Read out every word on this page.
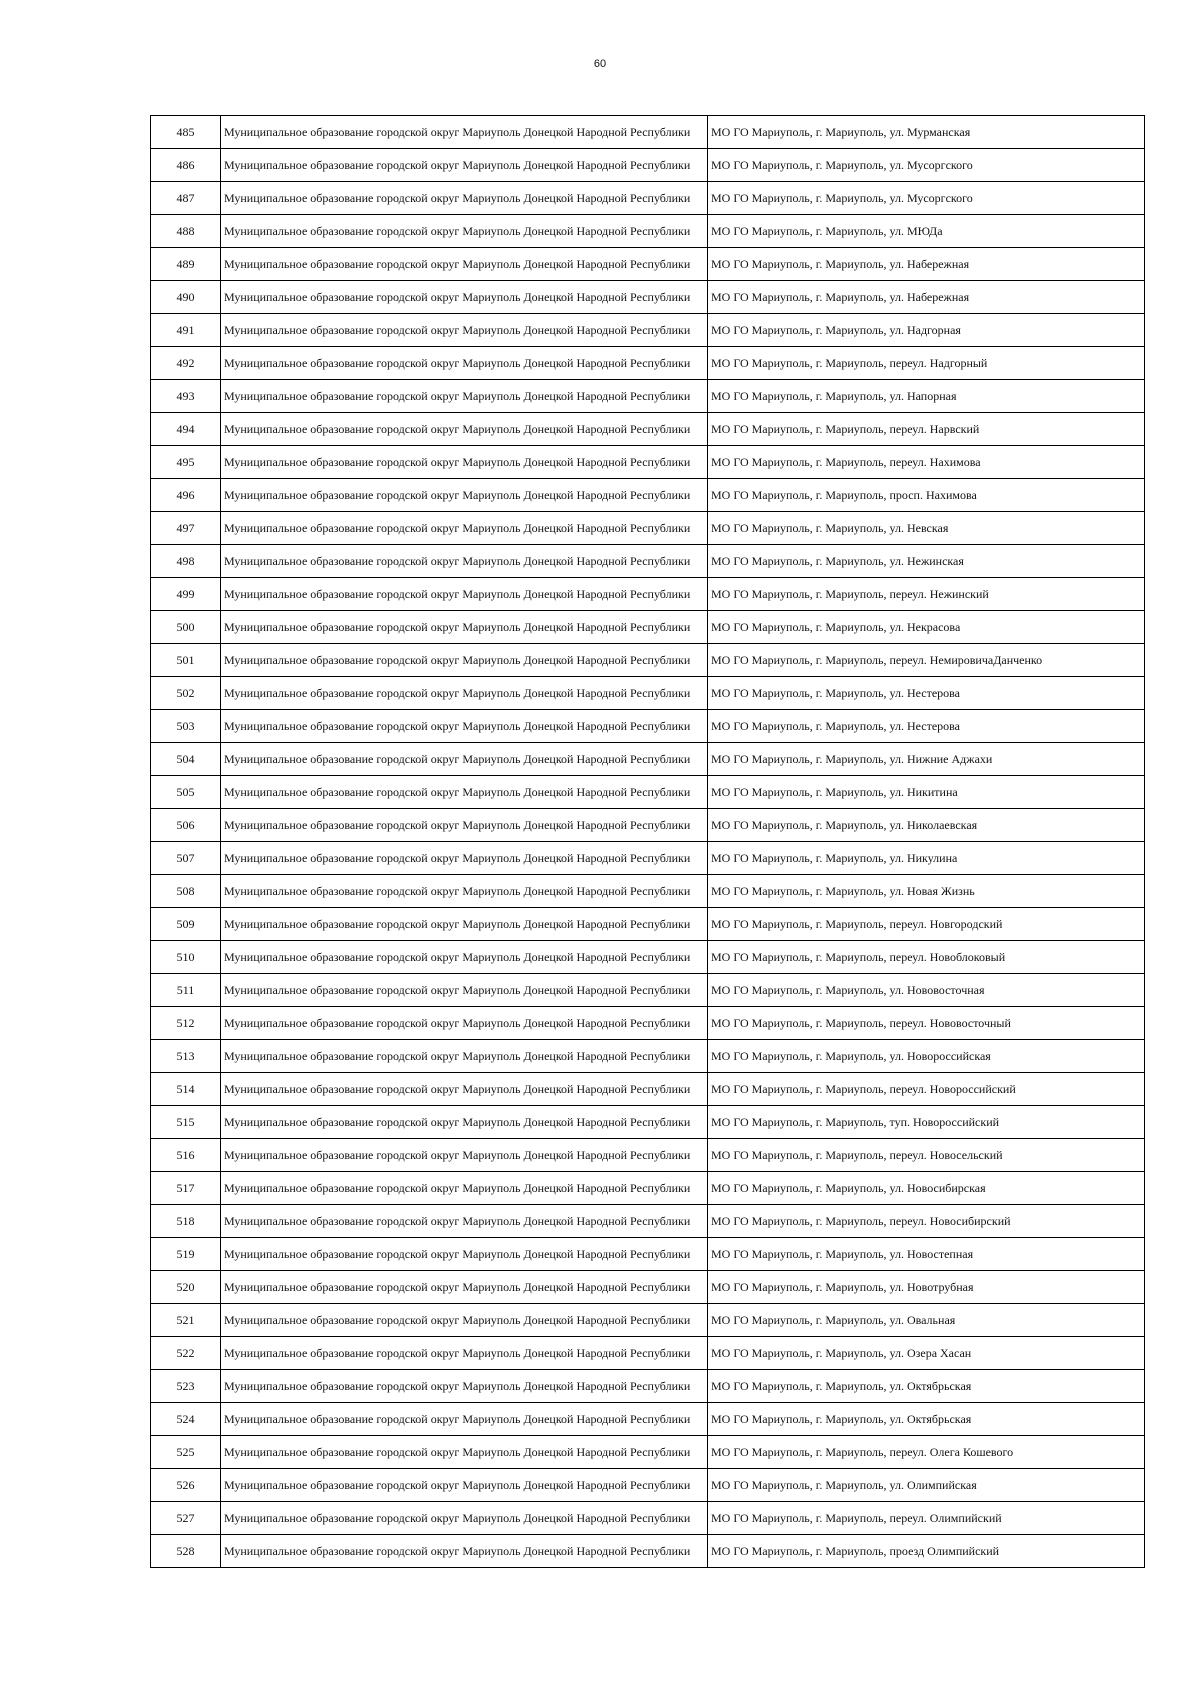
60
485	Муниципальное образование городской округ Мариуполь Донецкой Народной Республики	МО ГО Мариуполь, г. Мариуполь, ул. Мурманская
486	Муниципальное образование городской округ Мариуполь Донецкой Народной Республики	МО ГО Мариуполь, г. Мариуполь, ул. Мусоргского
487	Муниципальное образование городской округ Мариуполь Донецкой Народной Республики	МО ГО Мариуполь, г. Мариуполь, ул. Мусоргского
488	Муниципальное образование городской округ Мариуполь Донецкой Народной Республики	МО ГО Мариуполь, г. Мариуполь, ул. МЮДа
489	Муниципальное образование городской округ Мариуполь Донецкой Народной Республики	МО ГО Мариуполь, г. Мариуполь, ул. Набережная
490	Муниципальное образование городской округ Мариуполь Донецкой Народной Республики	МО ГО Мариуполь, г. Мариуполь, ул. Набережная
491	Муниципальное образование городской округ Мариуполь Донецкой Народной Республики	МО ГО Мариуполь, г. Мариуполь, ул. Надгорная
492	Муниципальное образование городской округ Мариуполь Донецкой Народной Республики	МО ГО Мариуполь, г. Мариуполь, переул. Надгорный
493	Муниципальное образование городской округ Мариуполь Донецкой Народной Республики	МО ГО Мариуполь, г. Мариуполь, ул. Напорная
494	Муниципальное образование городской округ Мариуполь Донецкой Народной Республики	МО ГО Мариуполь, г. Мариуполь, переул. Нарвский
495	Муниципальное образование городской округ Мариуполь Донецкой Народной Республики	МО ГО Мариуполь, г. Мариуполь, переул. Нахимова
496	Муниципальное образование городской округ Мариуполь Донецкой Народной Республики	МО ГО Мариуполь, г. Мариуполь, просп. Нахимова
497	Муниципальное образование городской округ Мариуполь Донецкой Народной Республики	МО ГО Мариуполь, г. Мариуполь, ул. Невская
498	Муниципальное образование городской округ Мариуполь Донецкой Народной Республики	МО ГО Мариуполь, г. Мариуполь, ул. Нежинская
499	Муниципальное образование городской округ Мариуполь Донецкой Народной Республики	МО ГО Мариуполь, г. Мариуполь, переул. Нежинский
500	Муниципальное образование городской округ Мариуполь Донецкой Народной Республики	МО ГО Мариуполь, г. Мариуполь, ул. Некрасова
501	Муниципальное образование городской округ Мариуполь Донецкой Народной Республики	МО ГО Мариуполь, г. Мариуполь, переул. НемировичаДанченко
502	Муниципальное образование городской округ Мариуполь Донецкой Народной Республики	МО ГО Мариуполь, г. Мариуполь, ул. Нестерова
503	Муниципальное образование городской округ Мариуполь Донецкой Народной Республики	МО ГО Мариуполь, г. Мариуполь, ул. Нестерова
504	Муниципальное образование городской округ Мариуполь Донецкой Народной Республики	МО ГО Мариуполь, г. Мариуполь, ул. Нижние Аджахи
505	Муниципальное образование городской округ Мариуполь Донецкой Народной Республики	МО ГО Мариуполь, г. Мариуполь, ул. Никитина
506	Муниципальное образование городской округ Мариуполь Донецкой Народной Республики	МО ГО Мариуполь, г. Мариуполь, ул. Николаевская
507	Муниципальное образование городской округ Мариуполь Донецкой Народной Республики	МО ГО Мариуполь, г. Мариуполь, ул. Никулина
508	Муниципальное образование городской округ Мариуполь Донецкой Народной Республики	МО ГО Мариуполь, г. Мариуполь, ул. Новая Жизнь
509	Муниципальное образование городской округ Мариуполь Донецкой Народной Республики	МО ГО Мариуполь, г. Мариуполь, переул. Новгородский
510	Муниципальное образование городской округ Мариуполь Донецкой Народной Республики	МО ГО Мариуполь, г. Мариуполь, переул. Новоблоковый
511	Муниципальное образование городской округ Мариуполь Донецкой Народной Республики	МО ГО Мариуполь, г. Мариуполь, ул. Нововосточная
512	Муниципальное образование городской округ Мариуполь Донецкой Народной Республики	МО ГО Мариуполь, г. Мариуполь, переул. Нововосточный
513	Муниципальное образование городской округ Мариуполь Донецкой Народной Республики	МО ГО Мариуполь, г. Мариуполь, ул. Новороссийская
514	Муниципальное образование городской округ Мариуполь Донецкой Народной Республики	МО ГО Мариуполь, г. Мариуполь, переул. Новороссийский
515	Муниципальное образование городской округ Мариуполь Донецкой Народной Республики	МО ГО Мариуполь, г. Мариуполь, туп. Новороссийский
516	Муниципальное образование городской округ Мариуполь Донецкой Народной Республики	МО ГО Мариуполь, г. Мариуполь, переул. Новосельский
517	Муниципальное образование городской округ Мариуполь Донецкой Народной Республики	МО ГО Мариуполь, г. Мариуполь, ул. Новосибирская
518	Муниципальное образование городской округ Мариуполь Донецкой Народной Республики	МО ГО Мариуполь, г. Мариуполь, переул. Новосибирский
519	Муниципальное образование городской округ Мариуполь Донецкой Народной Республики	МО ГО Мариуполь, г. Мариуполь, ул. Новостепная
520	Муниципальное образование городской округ Мариуполь Донецкой Народной Республики	МО ГО Мариуполь, г. Мариуполь, ул. Новотрубная
521	Муниципальное образование городской округ Мариуполь Донецкой Народной Республики	МО ГО Мариуполь, г. Мариуполь, ул. Овальная
522	Муниципальное образование городской округ Мариуполь Донецкой Народной Республики	МО ГО Мариуполь, г. Мариуполь, ул. Озера Хасан
523	Муниципальное образование городской округ Мариуполь Донецкой Народной Республики	МО ГО Мариуполь, г. Мариуполь, ул. Октябрьская
524	Муниципальное образование городской округ Мариуполь Донецкой Народной Республики	МО ГО Мариуполь, г. Мариуполь, ул. Октябрьская
525	Муниципальное образование городской округ Мариуполь Донецкой Народной Республики	МО ГО Мариуполь, г. Мариуполь, переул. Олега Кошевого
526	Муниципальное образование городской округ Мариуполь Донецкой Народной Республики	МО ГО Мариуполь, г. Мариуполь, ул. Олимпийская
527	Муниципальное образование городской округ Мариуполь Донецкой Народной Республики	МО ГО Мариуполь, г. Мариуполь, переул. Олимпийский
528	Муниципальное образование городской округ Мариуполь Донецкой Народной Республики	МО ГО Мариуполь, г. Мариуполь, проезд Олимпийский
